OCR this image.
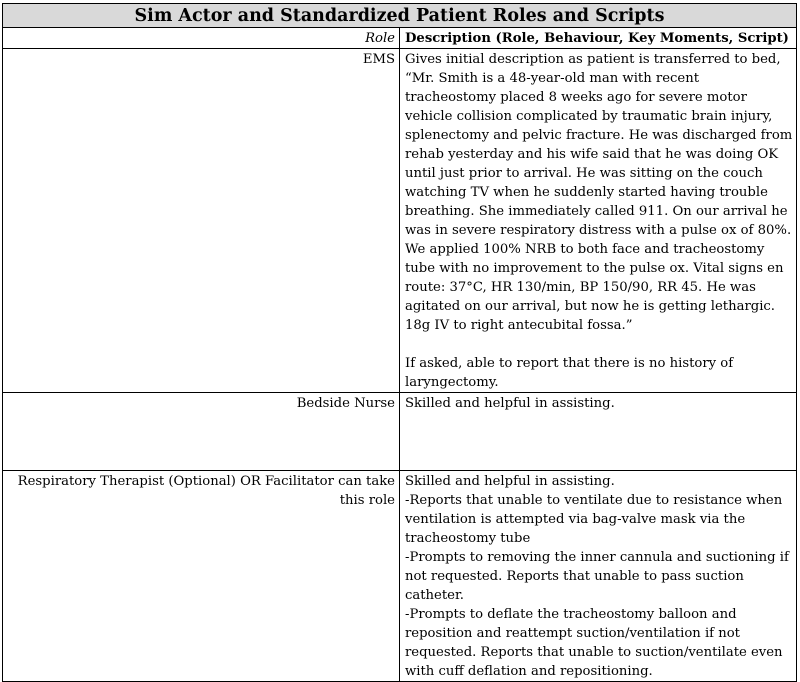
Sim Actor and Standardized Patient Roles and Scripts	
Role	Description (Role, Behaviour, Key Moments, Script)
EMS	Gives initial description as patient is transferred to bed, “Mr. Smith is a 48-year-old man with recent tracheostomy placed 8 weeks ago for severe motor vehicle collision complicated by traumatic brain injury, splenectomy and pelvic fracture. He was discharged from rehab yesterday and his wife said that he was doing OK until just prior to arrival. He was sitting on the couch watching TV when he suddenly started having trouble breathing. She immediately called 911. On our arrival he was in severe respiratory distress with a pulse ox of 80%. We applied 100% NRB to both face and tracheostomy tube with no improvement to the pulse ox. Vital signs en route: 37°C, HR 130/min, BP 150/90, RR 45. He was agitated on our arrival, but now he is getting lethargic. 18g IV to right antecubital fossa.”

If asked, able to report that there is no history of laryngectomy.

Bedside Nurse	Skilled and helpful in assisting.

Respiratory Therapist (Optional) OR Facilitator can take this role	Skilled and helpful in assisting.

-Reports that unable to ventilate due to resistance when ventilation is attempted via bag-valve mask via the tracheostomy tube

-Prompts to removing the inner cannula and suctioning if not requested. Reports that unable to pass suction catheter.

-Prompts to deflate the tracheostomy balloon and reposition and reattempt suction/ventilation if not requested. Reports that unable to suction/ventilate even with cuff deflation and repositioning.
